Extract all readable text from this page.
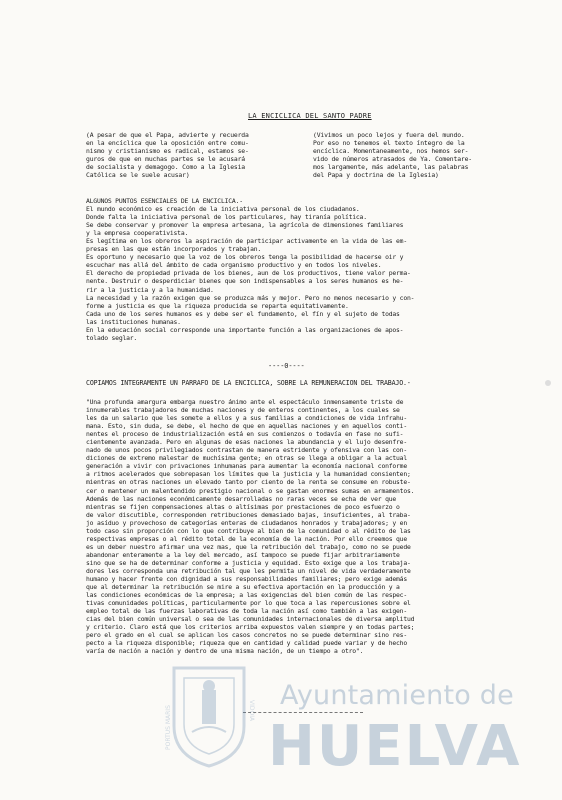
LA ENCICLICA DEL SANTO PADRE
(A pesar de que el Papa, advierte y recuerda
en la encíclica que la oposición entre comu-
nismo y cristianismo es radical, estamos se-
guros de que en muchas partes se le acusará
de socialista y demagogo. Como a la Iglesia
Católica se le suele acusar)
(Vivimos un poco lejos y fuera del mundo.
Por eso no tenemos el texto íntegro de la
encíclica. Momentaneamente, nos hemos ser-
vido de números atrasados de Ya. Comentare-
mos largamente, más adelante, las palabras
del Papa y doctrina de la Iglesia)
ALGUNOS PUNTOS ESENCIALES DE LA ENCICLICA.-
El mundo económico es creación de la iniciativa personal de los ciudadanos.
Donde falta la iniciativa personal de los particulares, hay tiranía política.
Se debe conservar y promover la empresa artesana, la agrícola de dimensiones familiares
y la empresa cooperativista.
Es legítima en los obreros la aspiración de participar activamente en la vida de las em-
presas en las que están incorporados y trabajan.
Es oportuno y necesario que la voz de los obreros tenga la posibilidad de hacerse oir y
escuchar mas allá del ámbito de cada organismo productivo y en todos los niveles.
El derecho de propiedad privada de los bienes, aun de los productivos, tiene valor perma-
nente. Destruir o desperdiciar bienes que son indispensables a los seres humanos es he-
rir a la justicia y a la humanidad.
La necesidad y la razón exigen que se produzca más y mejor. Pero no menos necesario y con-
forme a justicia es que la riqueza producida se reparta equitativamente.
Cada uno de los seres humanos es y debe ser el fundamento, el fín y el sujeto de todas
las instituciones humanas.
En la educación social corresponde una importante función a las organizaciones de apos-
tolado seglar.
----0----
COPIAMOS INTEGRAMENTE UN PARRAFO DE LA ENCICLICA, SOBRE LA REMUNERACION DEL TRABAJO.-
"Una profunda amargura embarga nuestro ánimo ante el espectáculo inmensamente triste de
innumerables trabajadores de muchas naciones y de enteros continentes, a los cuales se
les da un salario que les somete a ellos y a sus familias a condiciones de vida infrahu-
mana. Esto, sin duda, se debe, el hecho de que en aquellas naciones y en aquellos conti-
nentes el proceso de industrialización está en sus comienzos o todavía en fase no sufi-
cientemente avanzada. Pero en algunas de esas naciones la abundancia y el lujo desenfre-
nado de unos pocos privilegiados contrastan de manera estridente y ofensiva con las con-
diciones de extremo malestar de muchísima gente; en otras se llega a obligar a la actual
generación a vivir con privaciones inhumanas para aumentar la economía nacional conforme
a ritmos acelerados que sobrepasan los límites que la justicia y la humanidad consienten;
mientras en otras naciones un elevado tanto por ciento de la renta se consume en robuste-
cer o mantener un malentendido prestigio nacional o se gastan enormes sumas en armamentos.
Además de las naciones económicamente desarrolladas no raras veces se echa de ver que
mientras se fijen compensaciones altas o altísimas por prestaciones de poco esfuerzo o
de valor discutible, corresponden retribuciones demasiado bajas, insuficientes, al traba-
jo asíduo y provechoso de categorías enteras de ciudadanos honrados y trabajadores; y en
todo caso sin proporción con lo que contribuye al bien de la comunidad o al rédito de las
respectivas empresas o al rédito total de la economía de la nación. Por ello creemos que
es un deber nuestro afirmar una vez mas, que la retribución del trabajo, como no se puede
abandonar enteramente a la ley del mercado, así tampoco se puede fijar arbitrariamente
sino que se ha de determinar conforme a justicia y equidad. Esto exige que a los trabaja-
dores les corresponda una retribución tal que les permita un nivel de vida verdaderamente
humano y hacer frente con dignidad a sus responsabilidades familiares; pero exige además
que al determinar la retribución se mire a su efectiva aportación en la producción y a
las condiciones económicas de la empresa; a las exigencias del bien común de las respec-
tivas comunidades políticas, particularmente por lo que toca a las repercusiones sobre el
empleo total de las fuerzas laborativas de toda la nación así como también a las exigen-
cias del bien común universal o sea de las comunidades internacionales de diversa amplitud
y criterio. Claro está que los criterios arriba expuestos valen siempre y en todas partes;
pero el grado en el cual se aplican los casos concretos no se puede determinar sino res-
pecto a la riqueza disponible; riqueza que en cantidad y calidad puede variar y de hecho
varía de nación a nación y dentro de una misma nación, de un tiempo a otro".
PORTUS MARIS	VIDOIA Ayuntamiento de
HUELVA
